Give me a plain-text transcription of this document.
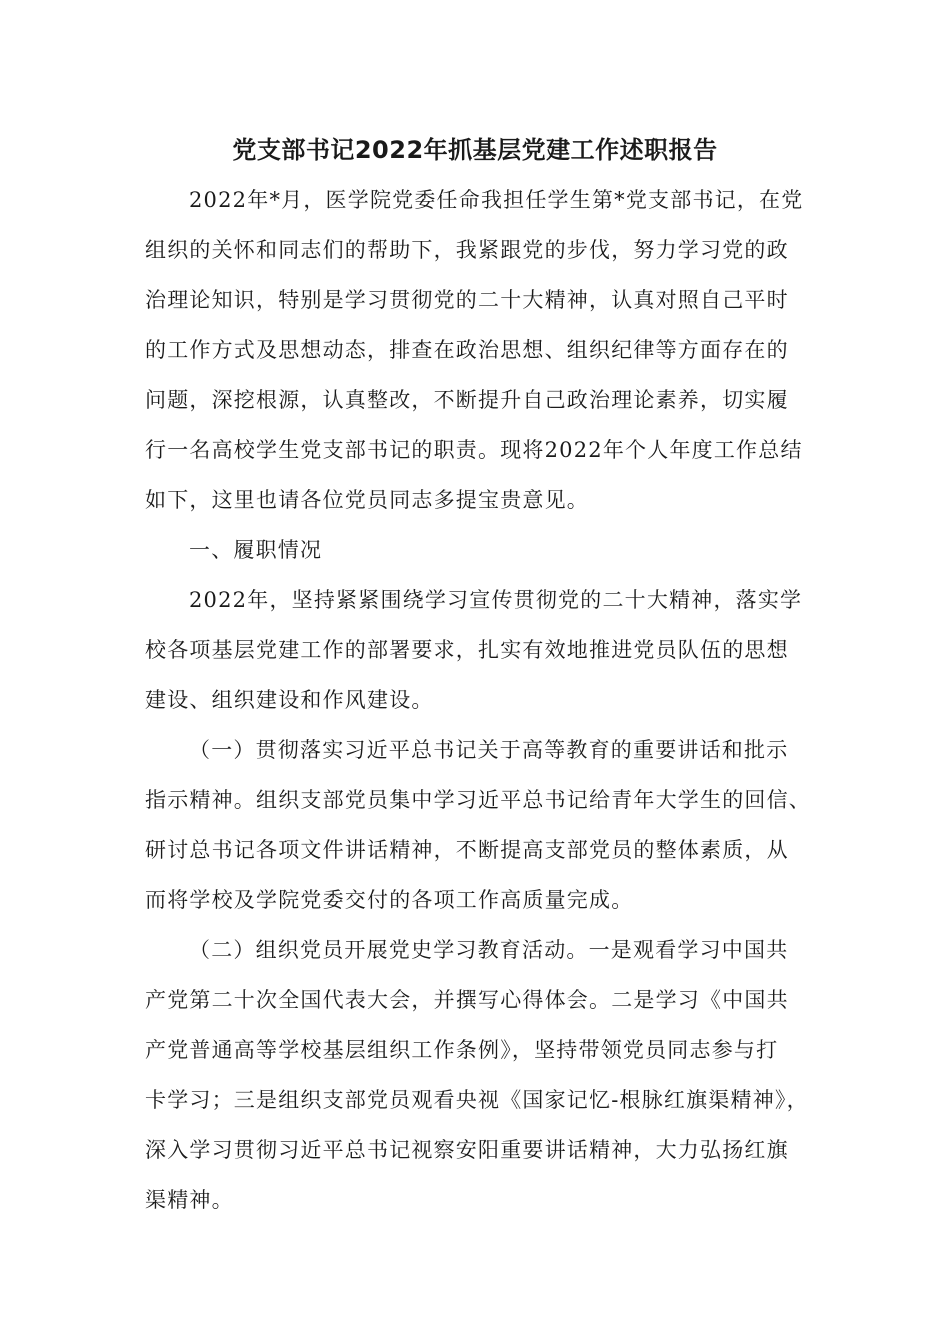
党支部书记2022年抓基层党建工作述职报告
2022年*月，医学院党委任命我担任学生第*党支部书记，在党
组织的关怀和同志们的帮助下，我紧跟党的步伐，努力学习党的政
治理论知识，特别是学习贯彻党的二十大精神，认真对照自己平时
的工作方式及思想动态，排查在政治思想、组织纪律等方面存在的
问题，深挖根源，认真整改，不断提升自己政治理论素养，切实履
行一名高校学生党支部书记的职责。现将2022年个人年度工作总结
如下，这里也请各位党员同志多提宝贵意见。
一、履职情况
2022年，坚持紧紧围绕学习宣传贯彻党的二十大精神，落实学
校各项基层党建工作的部署要求，扎实有效地推进党员队伍的思想
建设、组织建设和作风建设。
（一）贯彻落实习近平总书记关于高等教育的重要讲话和批示
指示精神。组织支部党员集中学习近平总书记给青年大学生的回信、
研讨总书记各项文件讲话精神，不断提高支部党员的整体素质，从
而将学校及学院党委交付的各项工作高质量完成。
（二）组织党员开展党史学习教育活动。一是观看学习中国共
产党第二十次全国代表大会，并撰写心得体会。二是学习《中国共
产党普通高等学校基层组织工作条例》，坚持带领党员同志参与打
卡学习；三是组织支部党员观看央视《国家记忆-根脉红旗渠精神》，
深入学习贯彻习近平总书记视察安阳重要讲话精神，大力弘扬红旗
渠精神。
